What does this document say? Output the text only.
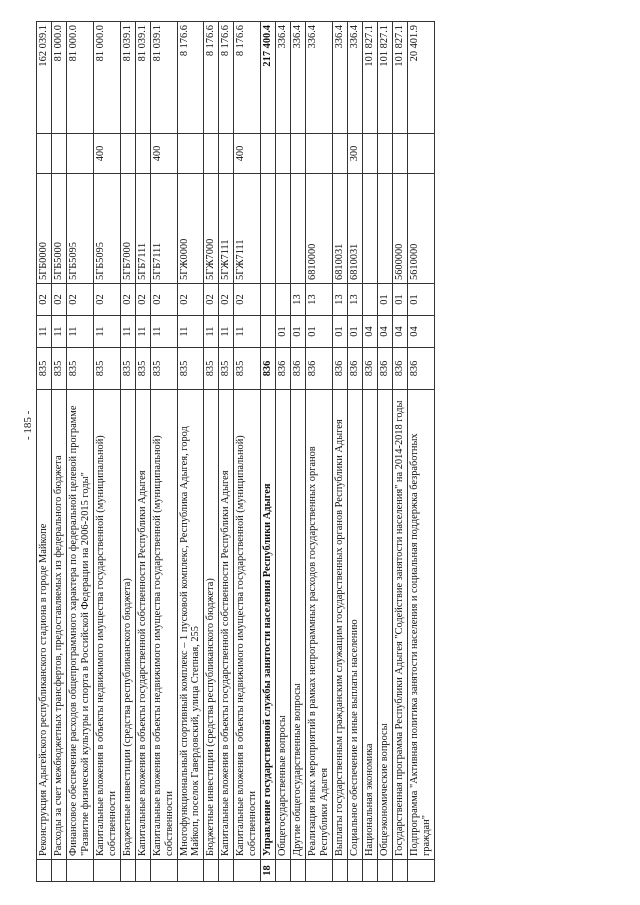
- 185 -
	Реконструкция Адыгейского республиканского стадиона в городе Майкопе	835	11	02	5ГБ0000		162 039.1
	Расходы за счет межбюджетных трансфертов, предоставляемых из федерального бюджета	835	11	02	5ГБ5000		81 000.0
	Финансовое обеспечение расходов общепрограммного характера по федеральной целевой программе "Развитие физической культуры и спорта в Российской Федерации на 2006-2015 годы"	835	11	02	5ГБ5095		81 000.0
	Капитальные вложения в объекты недвижимого имущества государственной (муниципальной) собственности	835	11	02	5ГБ5095	400	81 000.0
	Бюджетные инвестиции (средства республиканского бюджета)	835	11	02	5ГБ7000		81 039.1
	Капитальные вложения в объекты государственной собственности Республики Адыгея	835	11	02	5ГБ7111		81 039.1
	Капитальные вложения в объекты недвижимого имущества государственной (муниципальной) собственности	835	11	02	5ГБ7111	400	81 039.1
	Многофункциональный спортивный комплекс – 1 пусковой комплекс, Республика Адыгея, город Майкоп, поселок Гавердовский, улица Степная, 255	835	11	02	5ГЖ0000		8 176.6
	Бюджетные инвестиции (средства республиканского бюджета)	835	11	02	5ГЖ7000		8 176.6
	Капитальные вложения в объекты государственной собственности Республики Адыгея	835	11	02	5ГЖ7111		8 176.6
	Капитальные вложения в объекты недвижимого имущества государственной (муниципальной) собственности	835	11	02	5ГЖ7111	400	8 176.6
18	Управление государственной службы занятости населения Республики Адыгея	836					217 400.4
	Общегосударственные вопросы	836	01				336.4
	Другие общегосударственные вопросы	836	01	13			336.4
	Реализация иных мероприятий в рамках непрограммных расходов государственных органов Республики Адыгея	836	01	13	6810000		336.4
	Выплаты государственным гражданским служащим государственных органов Республики Адыгея	836	01	13	6810031		336.4
	Социальное обеспечение и иные выплаты населению	836	01	13	6810031	300	336.4
	Национальная экономика	836	04				101 827.1
	Общеэкономические вопросы	836	04	01			101 827.1
	Государственная программа Республики Адыгея "Содействие занятости населения" на 2014-2018 годы	836	04	01	5600000		101 827.1
	Подпрограмма "Активная политика занятости населения и социальная поддержка безработных граждан"	836	04	01	5610000		20 401.9
